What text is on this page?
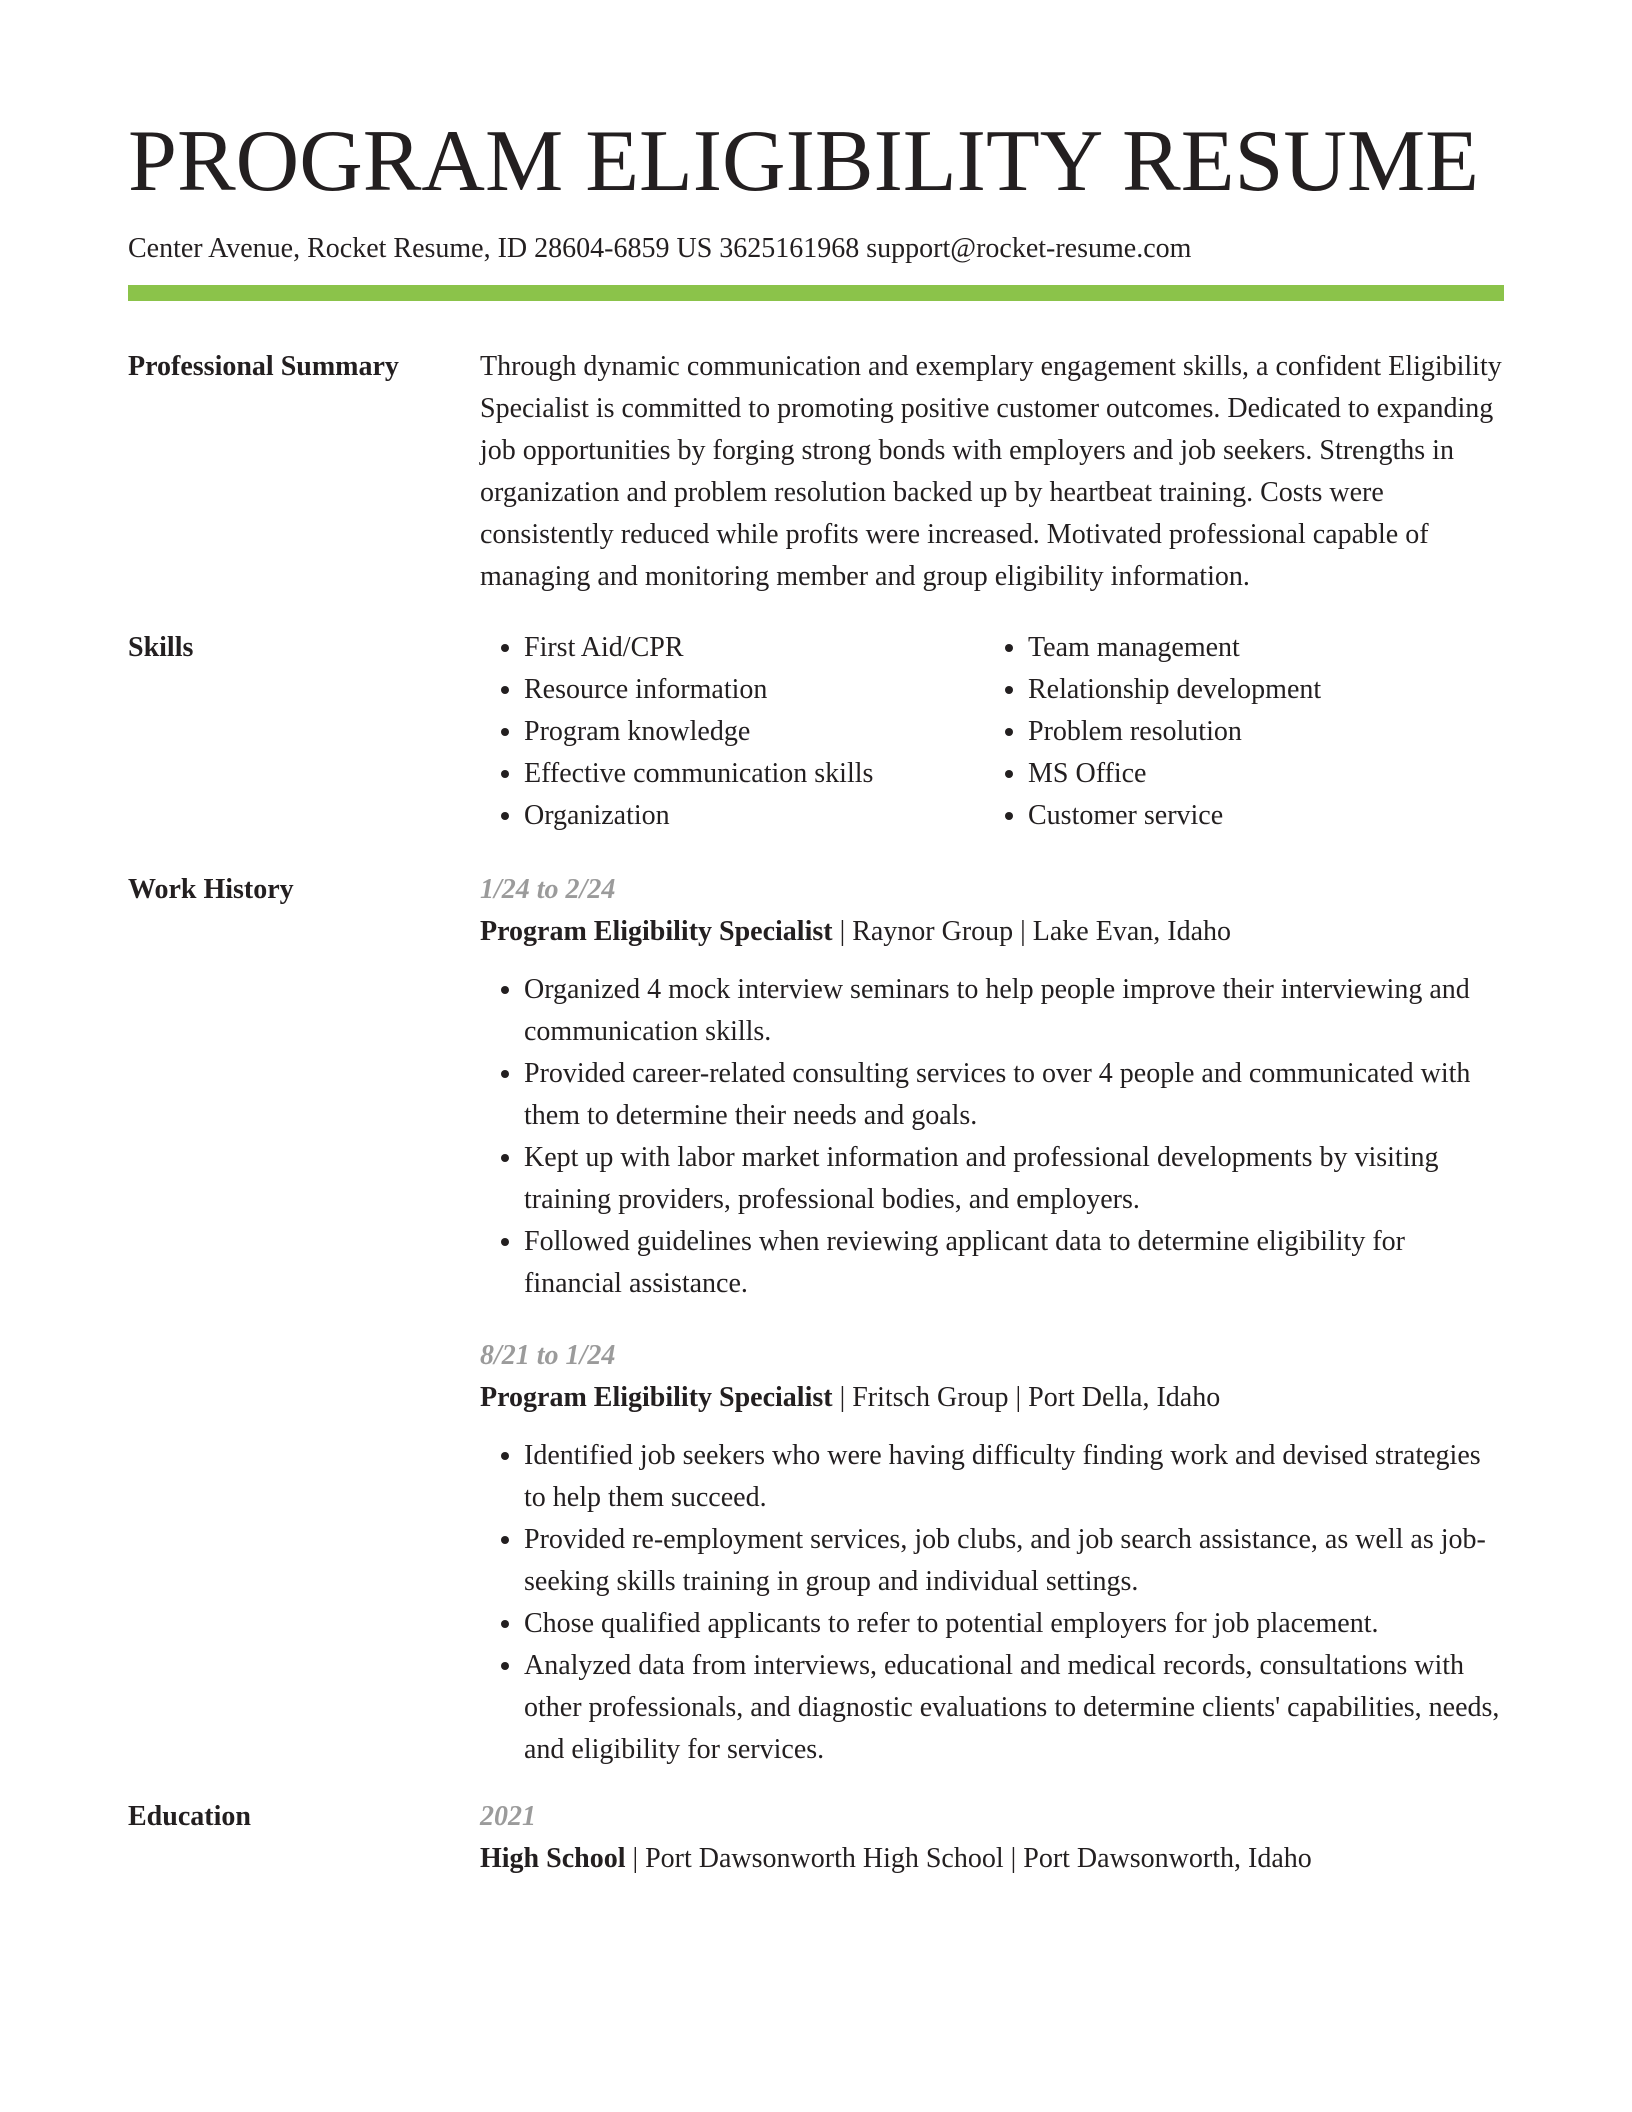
PROGRAM ELIGIBILITY RESUME
Center Avenue, Rocket Resume, ID 28604-6859 US 3625161968 support@rocket-resume.com
Professional Summary	Through dynamic communication and exemplary engagement skills, a confident Eligibility Specialist is committed to promoting positive customer outcomes. Dedicated to expanding job opportunities by forging strong bonds with employers and job seekers. Strengths in organization and problem resolution backed up by heartbeat training. Costs were consistently reduced while profits were increased. Motivated professional capable of managing and monitoring member and group eligibility information.

Skills
•	First Aid/CPR
• Resource information
• Program knowledge
• Effective communication skills
• Organization
• Team management
• Relationship development
• Problem resolution
• MS Office
• Customer service
Work History	1/24 to 2/24
Program Eligibility Specialist | Raynor Group | Lake Evan, Idaho
• Organized 4 mock interview seminars to help people improve their interviewing and communication skills.
• Provided career-related consulting services to over 4 people and communicated with them to determine their needs and goals.
• Kept up with labor market information and professional developments by visiting training providers, professional bodies, and employers.
• Followed guidelines when reviewing applicant data to determine eligibility for financial assistance.
8/21 to 1/24
Program Eligibility Specialist | Fritsch Group | Port Della, Idaho
• Identified job seekers who were having difficulty finding work and devised strategies to help them succeed.
• Provided re-employment services, job clubs, and job search assistance, as well as job-seeking skills training in group and individual settings.
• Chose qualified applicants to refer to potential employers for job placement.
• Analyzed data from interviews, educational and medical records, consultations with other professionals, and diagnostic evaluations to determine clients' capabilities, needs, and eligibility for services.
Education	2021
High School | Port Dawsonworth High School | Port Dawsonworth, Idaho
